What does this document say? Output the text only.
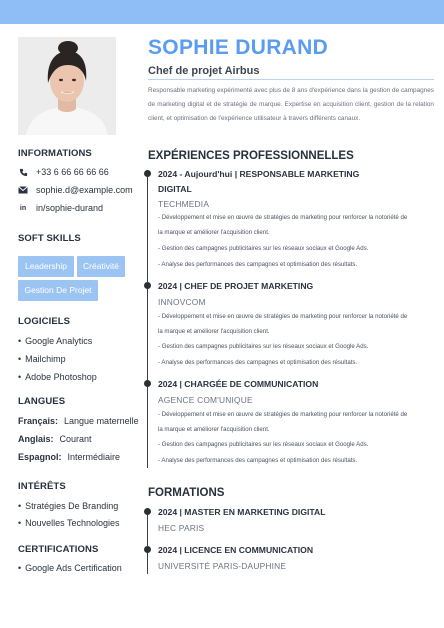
INFORMATIONS
+33 6 66 66 66 66
sophie.d@example.com
in in/sophie-durand
SOFT SKILLS
Leadership	Créativité
Gestion De Projet
LOGICIELS
• Google Analytics
• Mailchimp
• Adobe Photoshop
LANGUES
Français: Langue maternelle
Anglais: Courant
Espagnol: Intermédiaire
INTÉRÊTS
• Stratégies De Branding
• Nouvelles Technologies
CERTIFICATIONS
• Google Ads Certification
SOPHIE DURAND
Chef de projet Airbus
Responsable marketing expérimenté avec plus de 8 ans d'expérience dans la gestion de campagnes de marketing digital et de stratégie de marque. Expertise en acquisition client, gestion de la relation client, et optimisation de l'expérience utilisateur à travers différents canaux.
EXPÉRIENCES PROFESSIONNELLES
2024 - Aujourd'hui | RESPONSABLE MARKETING DIGITAL
TECHMEDIA
- Développement et mise en œuvre de stratégies de marketing pour renforcer la notoriété de la marque et améliorer l'acquisition client.
- Gestion des campagnes publicitaires sur les réseaux sociaux et Google Ads.
- Analyse des performances des campagnes et optimisation des résultats.
2024 | CHEF DE PROJET MARKETING
INNOVCOM
- Développement et mise en œuvre de stratégies de marketing pour renforcer la notoriété de la marque et améliorer l'acquisition client.
- Gestion des campagnes publicitaires sur les réseaux sociaux et Google Ads.
- Analyse des performances des campagnes et optimisation des résultats.
2024 | CHARGÉE DE COMMUNICATION
AGENCE COM'UNIQUE
- Développement et mise en œuvre de stratégies de marketing pour renforcer la notoriété de la marque et améliorer l'acquisition client.
- Gestion des campagnes publicitaires sur les réseaux sociaux et Google Ads.
- Analyse des performances des campagnes et optimisation des résultats.
FORMATIONS
2024 | MASTER EN MARKETING DIGITAL
HEC PARIS
2024 | LICENCE EN COMMUNICATION
UNIVERSITÉ PARIS-DAUPHINE
